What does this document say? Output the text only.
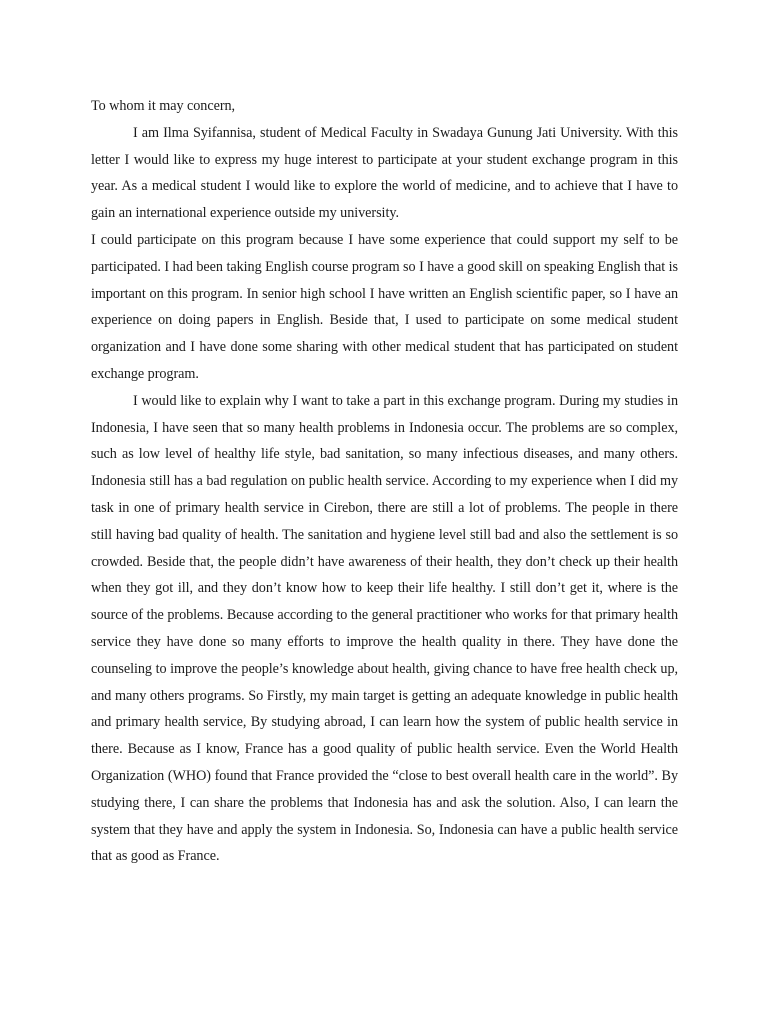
To whom it may concern,

I am Ilma Syifannisa, student of Medical Faculty in Swadaya Gunung Jati University. With this letter I would like to express my huge interest to participate at your student exchange program in this year. As a medical student I would like to explore the world of medicine, and to achieve that I have to gain an international experience outside my university.

I could participate on this program because I have some experience that could support my self to be participated. I had been taking English course program so I have a good skill on speaking English that is important on this program. In senior high school I have written an English scientific paper, so I have an experience on doing papers in English. Beside that, I used to participate on some medical student organization and I have done some sharing with other medical student that has participated on student exchange program.

I would like to explain why I want to take a part in this exchange program. During my studies in Indonesia, I have seen that so many health problems in Indonesia occur. The problems are so complex, such as low level of healthy life style, bad sanitation, so many infectious diseases, and many others. Indonesia still has a bad regulation on public health service. According to my experience when I did my task in one of primary health service in Cirebon, there are still a lot of problems. The people in there still having bad quality of health. The sanitation and hygiene level still bad and also the settlement is so crowded. Beside that, the people didn’t have awareness of their health, they don’t check up their health when they got ill, and they don’t know how to keep their life healthy. I still don’t get it, where is the source of the problems. Because according to the general practitioner who works for that primary health service they have done so many efforts to improve the health quality in there. They have done the counseling to improve the people’s knowledge about health, giving chance to have free health check up, and many others programs. So Firstly, my main target is getting an adequate knowledge in public health and primary health service, By studying abroad, I can learn how the system of public health service in there. Because as I know, France has a good quality of public health service. Even the World Health Organization (WHO) found that France provided the “close to best overall health care in the world”. By studying there, I can share the problems that Indonesia has and ask the solution. Also, I can learn the system that they have and apply the system in Indonesia. So, Indonesia can have a public health service that as good as France.
